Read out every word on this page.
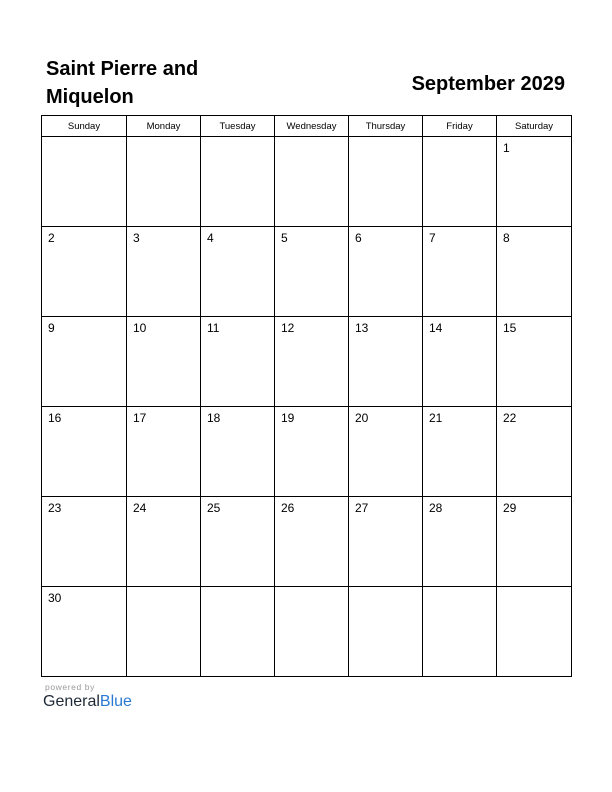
Saint Pierre and Miquelon
September 2029
Sunday	Monday	Tuesday	Wednesday	Thursday	Friday	Saturday

						1

2	3	4	5	6	7	8

9	10	11	12	13	14	15

16	17	18	19	20	21	22

23	24	25	26	27	28	29

30						

powered by
GeneralBlue
